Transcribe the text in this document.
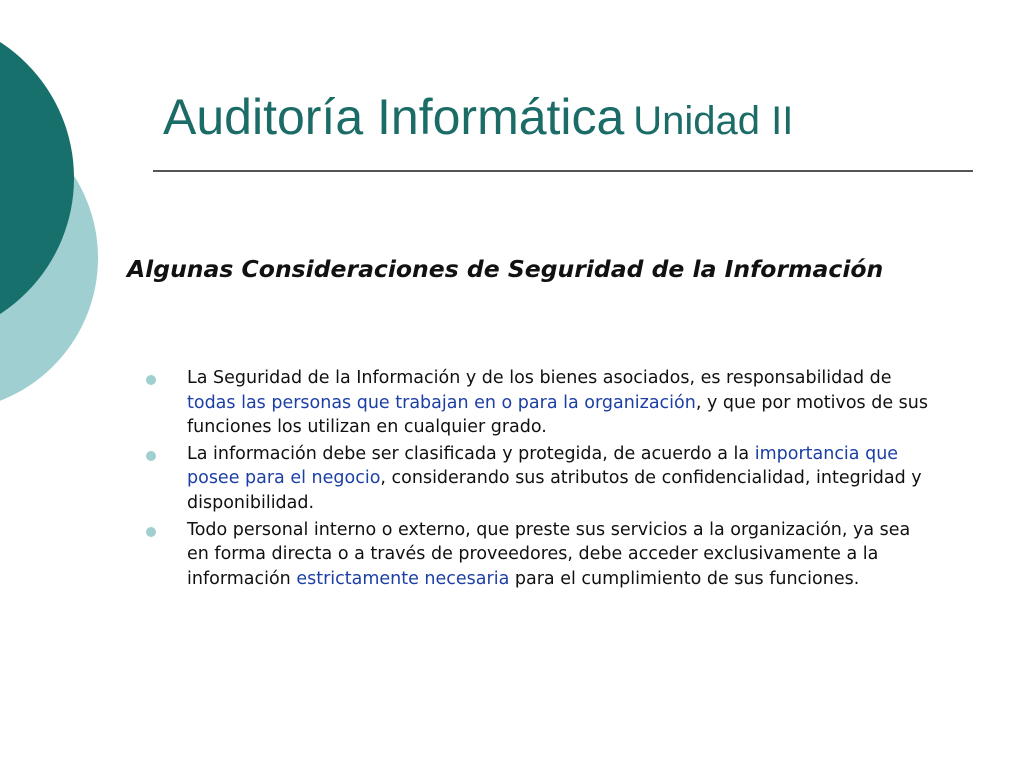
Auditoría Informática Unidad II
Algunas Consideraciones de Seguridad de la Información
La Seguridad de la Información y de los bienes asociados, es responsabilidad de todas las personas que trabajan en o para la organización, y que por motivos de sus funciones los utilizan en cualquier grado.
La información debe ser clasificada y protegida, de acuerdo a la importancia que posee para el negocio, considerando sus atributos de confidencialidad, integridad y disponibilidad.
Todo personal interno o externo, que preste sus servicios a la organización, ya sea en forma directa o a través de proveedores, debe acceder exclusivamente a la información estrictamente necesaria para el cumplimiento de sus funciones.
